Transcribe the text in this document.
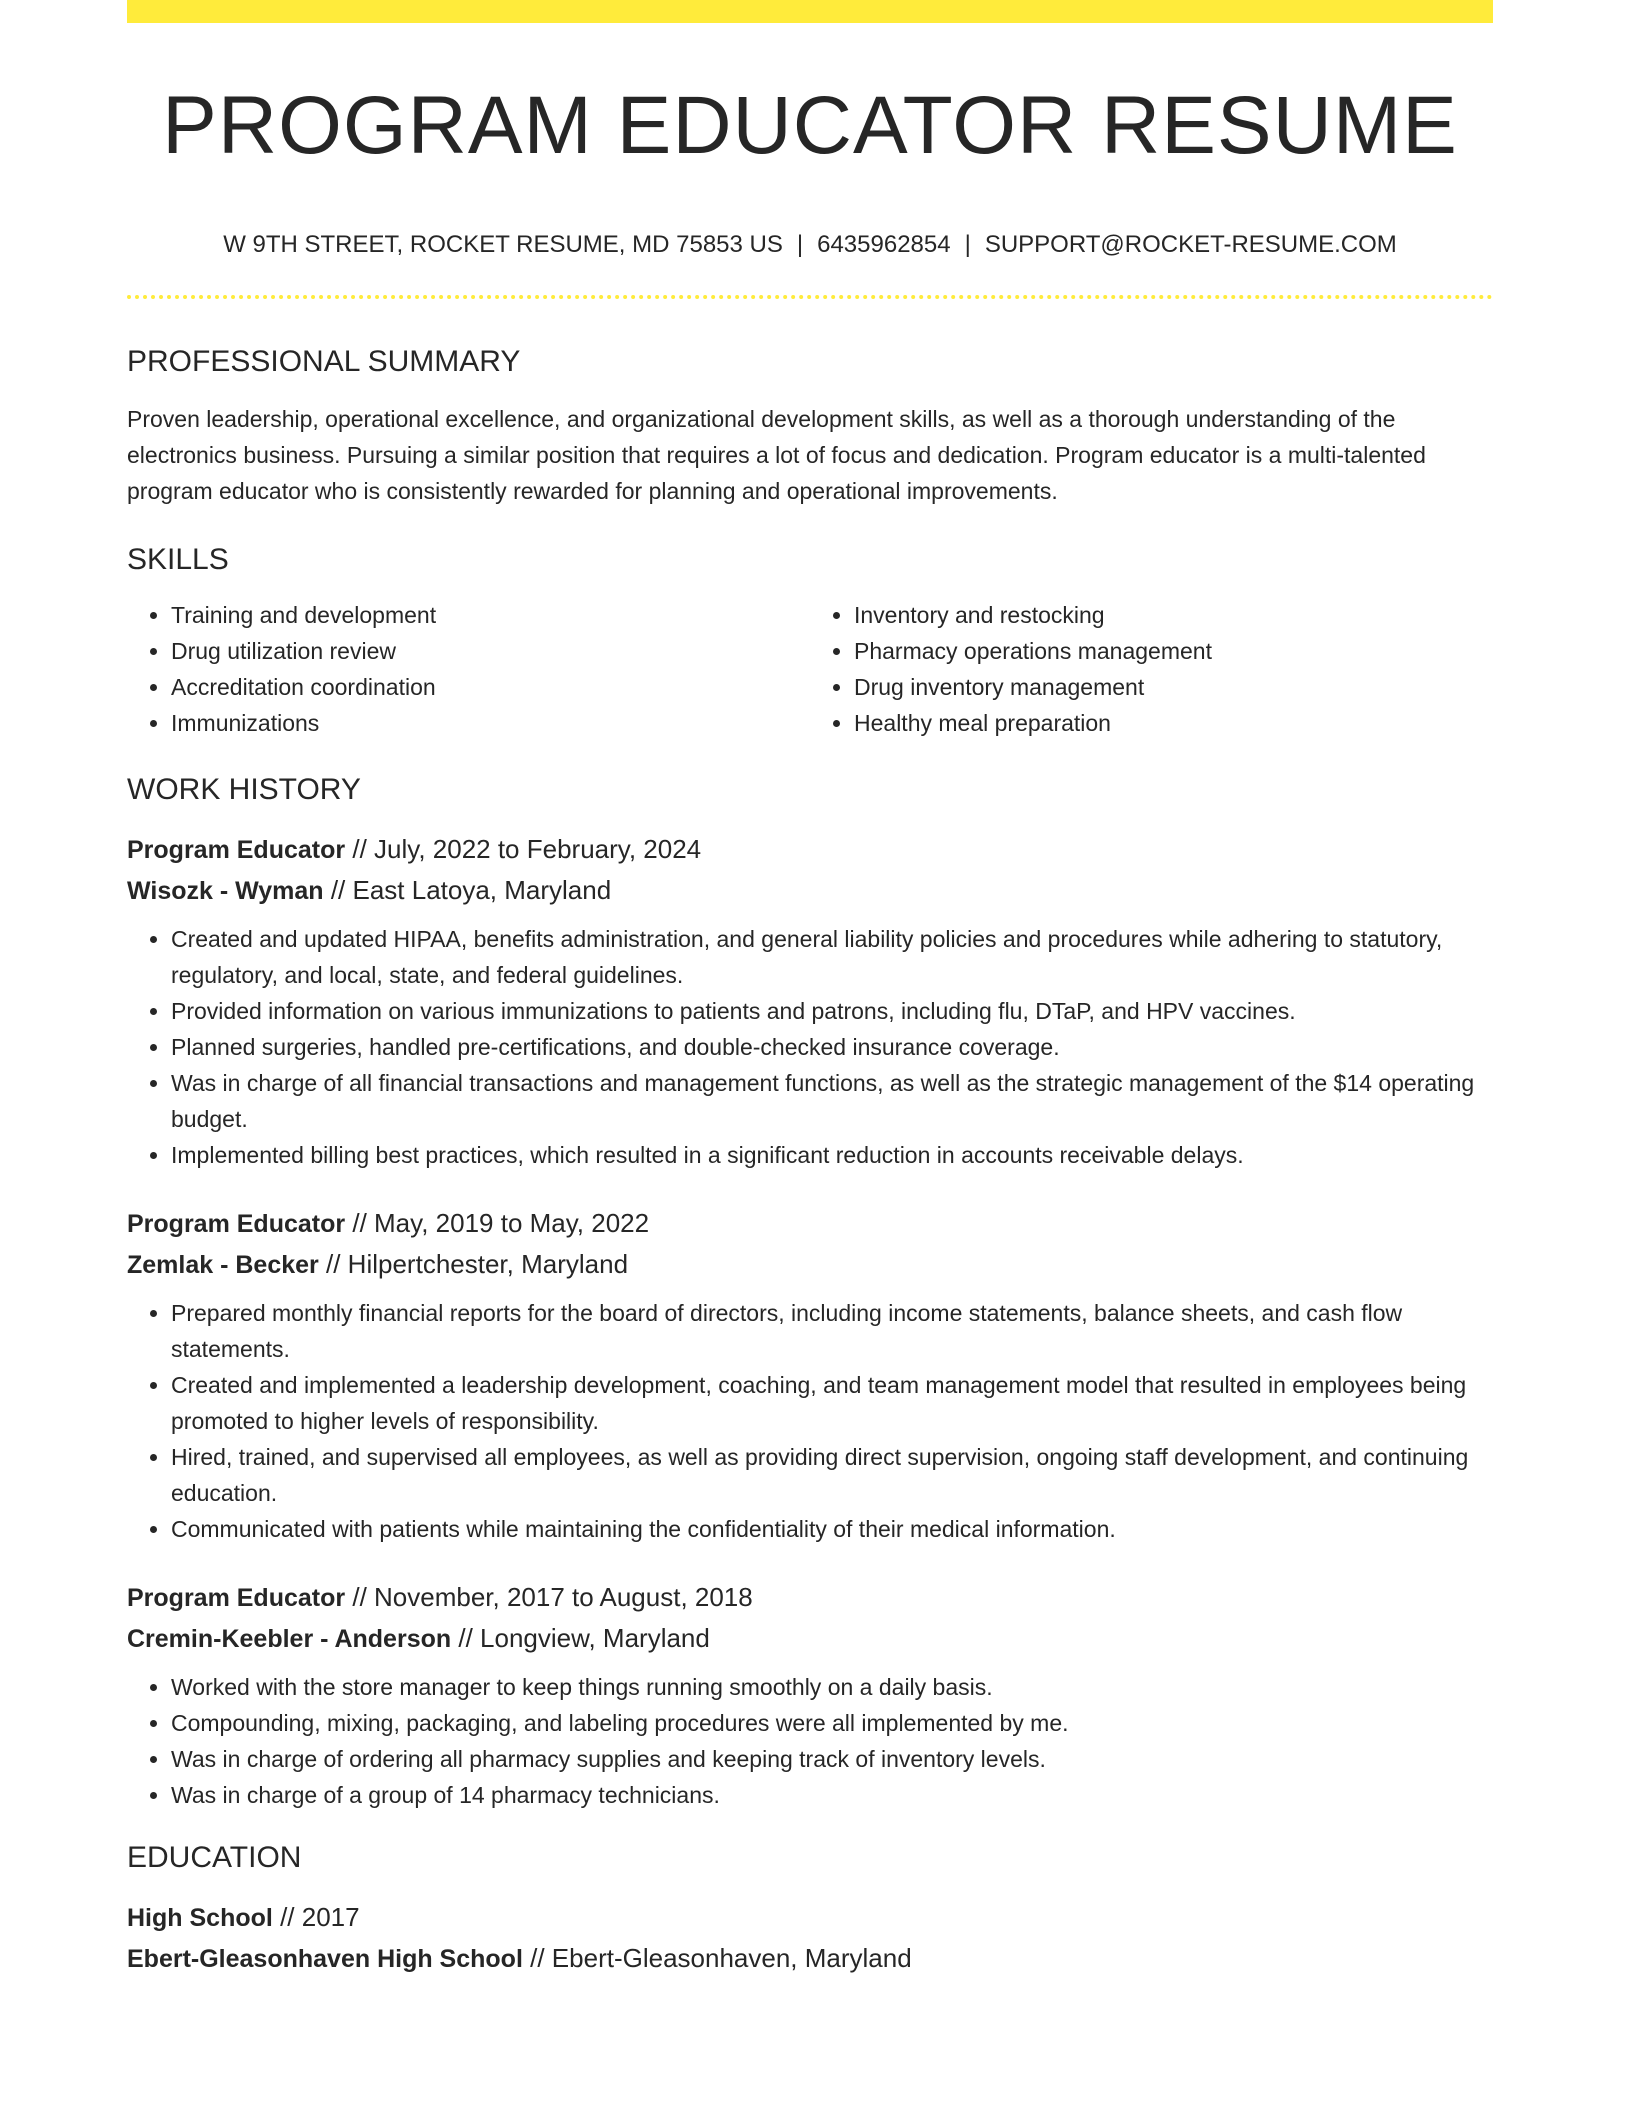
PROGRAM EDUCATOR RESUME
W 9TH STREET, ROCKET RESUME, MD 75853 US | 6435962854 | SUPPORT@ROCKET-RESUME.COM
PROFESSIONAL SUMMARY

Proven leadership, operational excellence, and organizational development skills, as well as a thorough understanding of the electronics business. Pursuing a similar position that requires a lot of focus and dedication. Program educator is a multi-talented program educator who is consistently rewarded for planning and operational improvements.

SKILLS
• Training and development
• Drug utilization review
• Accreditation coordination
• Immunizations
• Inventory and restocking
• Pharmacy operations management
• Drug inventory management
• Healthy meal preparation
WORK HISTORY
Program Educator // July, 2022 to February, 2024
Wisozk - Wyman // East Latoya, Maryland
• Created and updated HIPAA, benefits administration, and general liability policies and procedures while adhering to statutory, regulatory, and local, state, and federal guidelines.
• Provided information on various immunizations to patients and patrons, including flu, DTaP, and HPV vaccines.
• Planned surgeries, handled pre-certifications, and double-checked insurance coverage.
• Was in charge of all financial transactions and management functions, as well as the strategic management of the $14 operating budget.
• Implemented billing best practices, which resulted in a significant reduction in accounts receivable delays.
Program Educator // May, 2019 to May, 2022
Zemlak - Becker // Hilpertchester, Maryland
• Prepared monthly financial reports for the board of directors, including income statements, balance sheets, and cash flow statements.
• Created and implemented a leadership development, coaching, and team management model that resulted in employees being promoted to higher levels of responsibility.
• Hired, trained, and supervised all employees, as well as providing direct supervision, ongoing staff development, and continuing education.
• Communicated with patients while maintaining the confidentiality of their medical information.
Program Educator // November, 2017 to August, 2018
Cremin-Keebler - Anderson // Longview, Maryland
• Worked with the store manager to keep things running smoothly on a daily basis.
• Compounding, mixing, packaging, and labeling procedures were all implemented by me.
• Was in charge of ordering all pharmacy supplies and keeping track of inventory levels.
• Was in charge of a group of 14 pharmacy technicians.
EDUCATION
High School // 2017
Ebert-Gleasonhaven High School // Ebert-Gleasonhaven, Maryland
